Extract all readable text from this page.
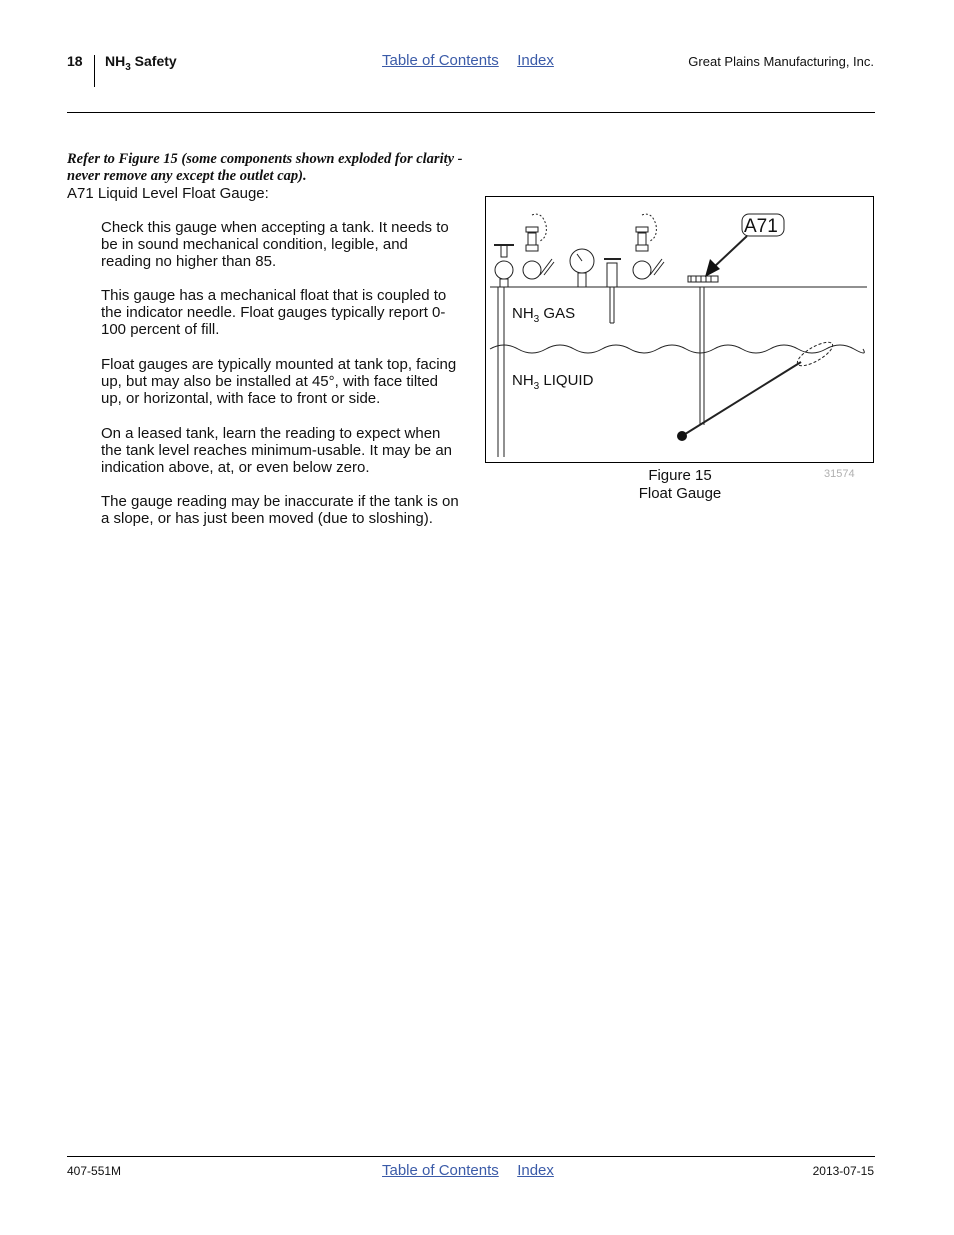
18 $NH_3$ Safety	Table of Contents Index	Great Plains Manufacturing, Inc.
Refer to Figure 15 (some components shown exploded for clarity - never remove any except the outlet cap).
A71 Liquid Level Float Gauge:
Check this gauge when accepting a tank. It needs to be in sound mechanical condition, legible, and reading no higher than 85.
This gauge has a mechanical float that is coupled to the indicator needle. Float gauges typically report 0-100 percent of fill.
Float gauges are typically mounted at tank top, facing up, but may also be installed at 45°, with face tilted up, or horizontal, with face to front or side.
On a leased tank, learn the reading to expect when the tank level reaches minimum-usable. It may be an indication above, at, or even below zero.
The gauge reading may be inaccurate if the tank is on a slope, or has just been moved (due to sloshing).
A71
$NH_3$ GAS
$NH_3$ LIQUID
Figure 15
Float Gauge
31574
407-551M	Table of Contents Index	2013-07-15
